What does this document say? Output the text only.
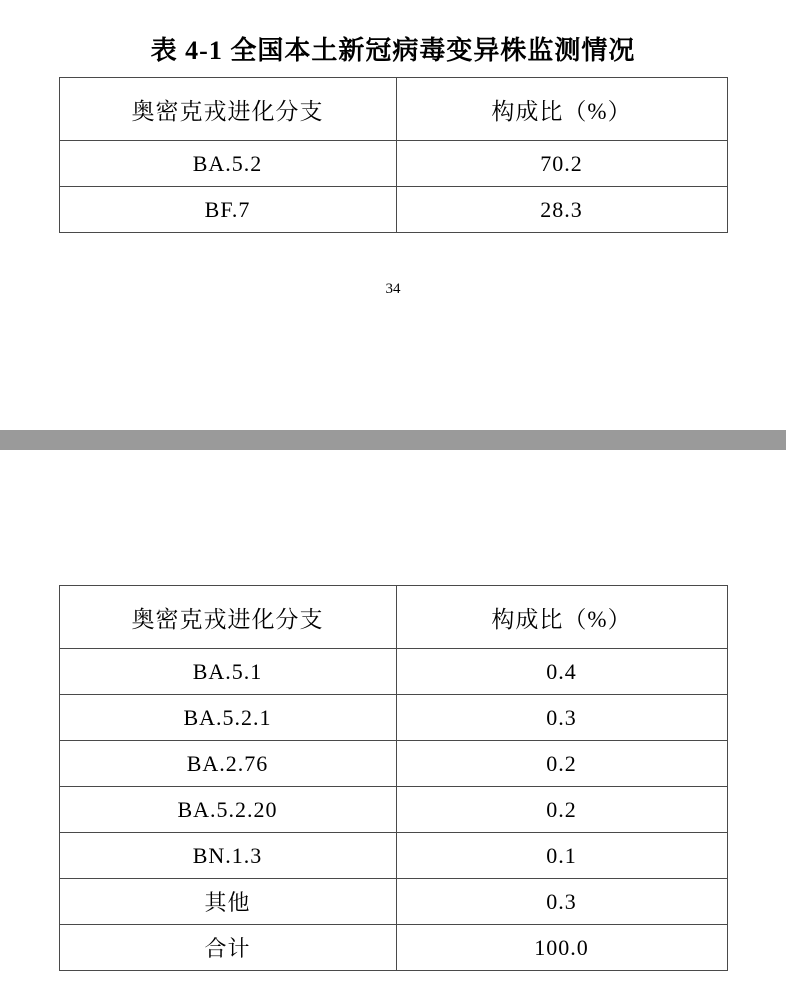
表 4-1 全国本土新冠病毒变异株监测情况
奥密克戎进化分支	构成比（%）
BA.5.2	70.2
BF.7	28.3
34
奥密克戎进化分支	构成比（%）
BA.5.1	0.4
BA.5.2.1	0.3
BA.2.76	0.2
BA.5.2.20	0.2
BN.1.3	0.1
其他	0.3
合计	100.0
